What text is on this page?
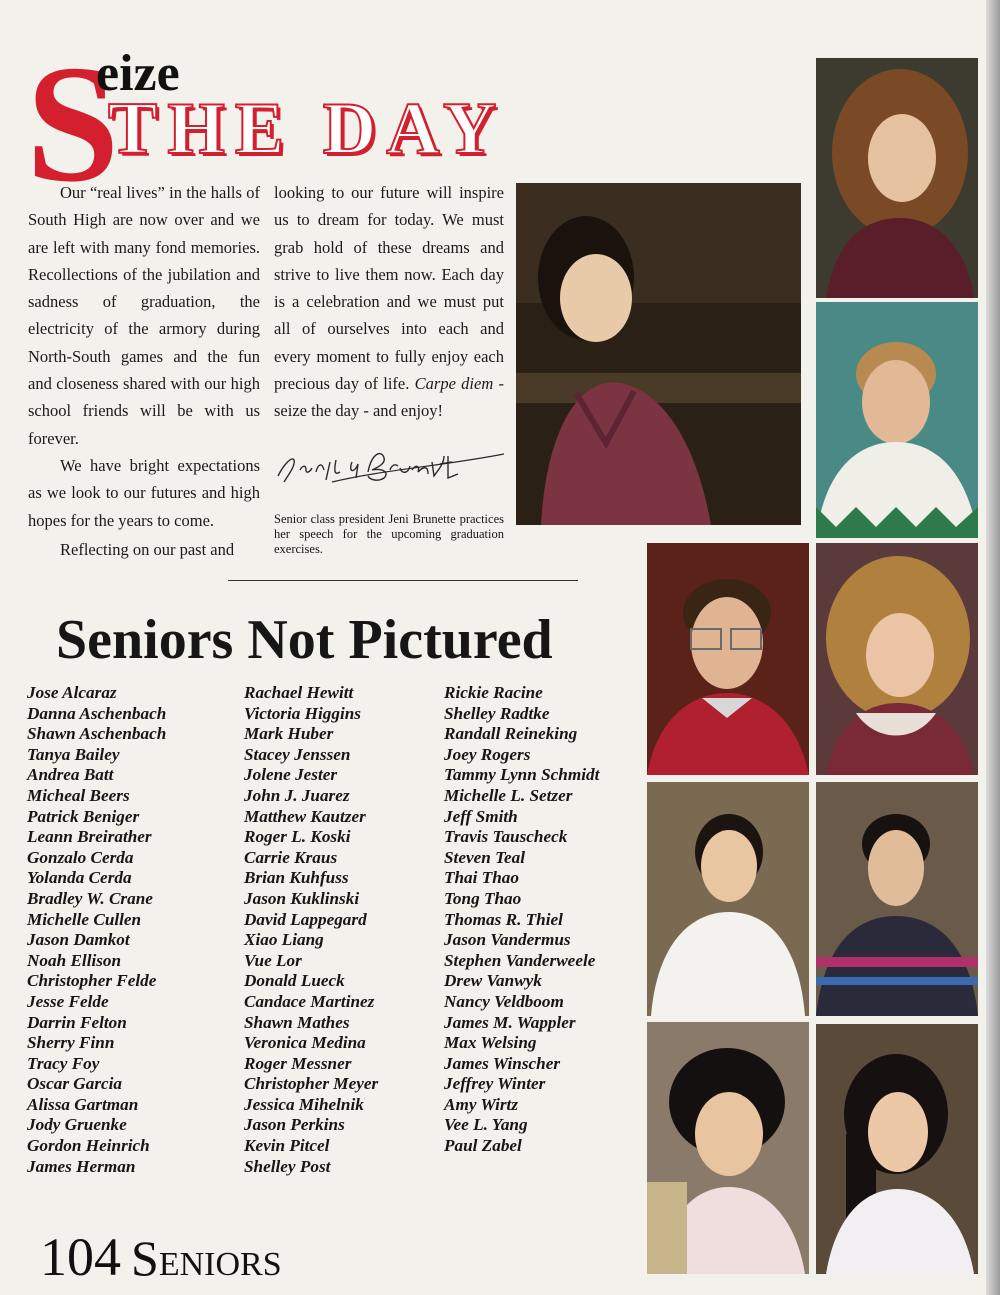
S
eize
THE DAY

Our “real lives” in the halls of South High are now over and we are left with many fond memories. Recollections of the jubilation and sadness of graduation, the electricity of the armory during North-South games and the fun and closeness shared with our high school friends will be with us forever.

We have bright expectations as we look to our futures and high hopes for the years to come.

Reflecting on our past and

looking to our future will inspire us to dream for today. We must grab hold of these dreams and strive to live them now. Each day is a celebration and we must put all of ourselves into each and every moment to fully enjoy each precious day of life. Carpe diem - seize the day - and enjoy!

Senior class president Jeni Brunette practices her speech for the upcoming graduation exercises.
Seniors Not Pictured
Jose Alcaraz
Danna Aschenbach
Shawn Aschenbach
Tanya Bailey
Andrea Batt
Micheal Beers
Patrick Beniger
Leann Breirather
Gonzalo Cerda
Yolanda Cerda
Bradley W. Crane
Michelle Cullen
Jason Damkot
Noah Ellison
Christopher Felde
Jesse Felde
Darrin Felton
Sherry Finn
Tracy Foy
Oscar Garcia
Alissa Gartman
Jody Gruenke
Gordon Heinrich
James Herman
Rachael Hewitt
Victoria Higgins
Mark Huber
Stacey Jenssen
Jolene Jester
John J. Juarez
Matthew Kautzer
Roger L. Koski
Carrie Kraus
Brian Kuhfuss
Jason Kuklinski
David Lappegard
Xiao Liang
Vue Lor
Donald Lueck
Candace Martinez
Shawn Mathes
Veronica Medina
Roger Messner
Christopher Meyer
Jessica Mihelnik
Jason Perkins
Kevin Pitcel
Shelley Post
Rickie Racine
Shelley Radtke
Randall Reineking
Joey Rogers
Tammy Lynn Schmidt
Michelle L. Setzer
Jeff Smith
Travis Tauscheck
Steven Teal
Thai Thao
Tong Thao
Thomas R. Thiel
Jason Vandermus
Stephen Vanderweele
Drew Vanwyk
Nancy Veldboom
James M. Wappler
Max Welsing
James Winscher
Jeffrey Winter
Amy Wirtz
Vee L. Yang
Paul Zabel
104 SENIORS
